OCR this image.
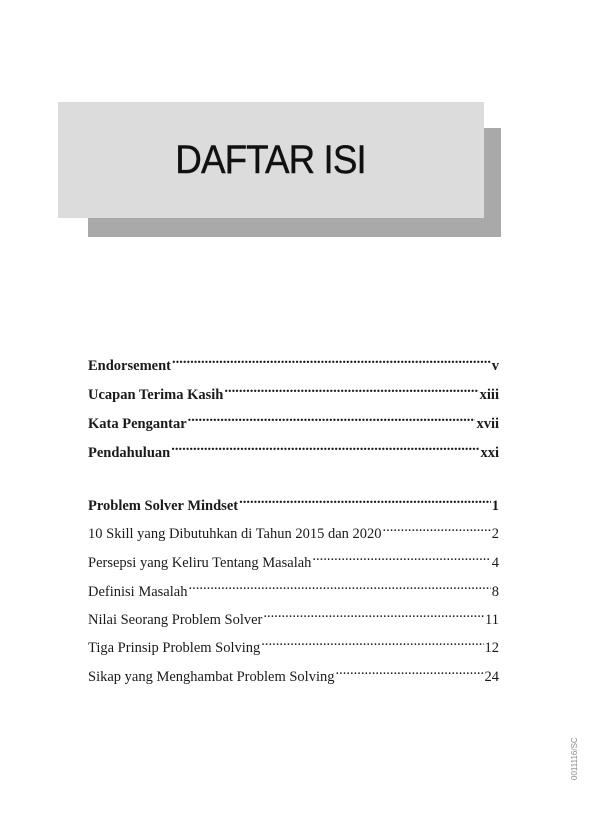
DAFTAR ISI
Endorsement .....	v
Ucapan Terima Kasih .....	xiii
Kata Pengantar .....	xvii
Pendahuluan .....	xxi
Problem Solver Mindset .....	1
10 Skill yang Dibutuhkan di Tahun 2015 dan 2020 .....	2
Persepsi yang Keliru Tentang Masalah .....	4
Definisi Masalah .....	8
Nilai Seorang Problem Solver .....	11
Tiga Prinsip Problem Solving .....	12
Sikap yang Menghambat Problem Solving .....	24
0011116/SC
